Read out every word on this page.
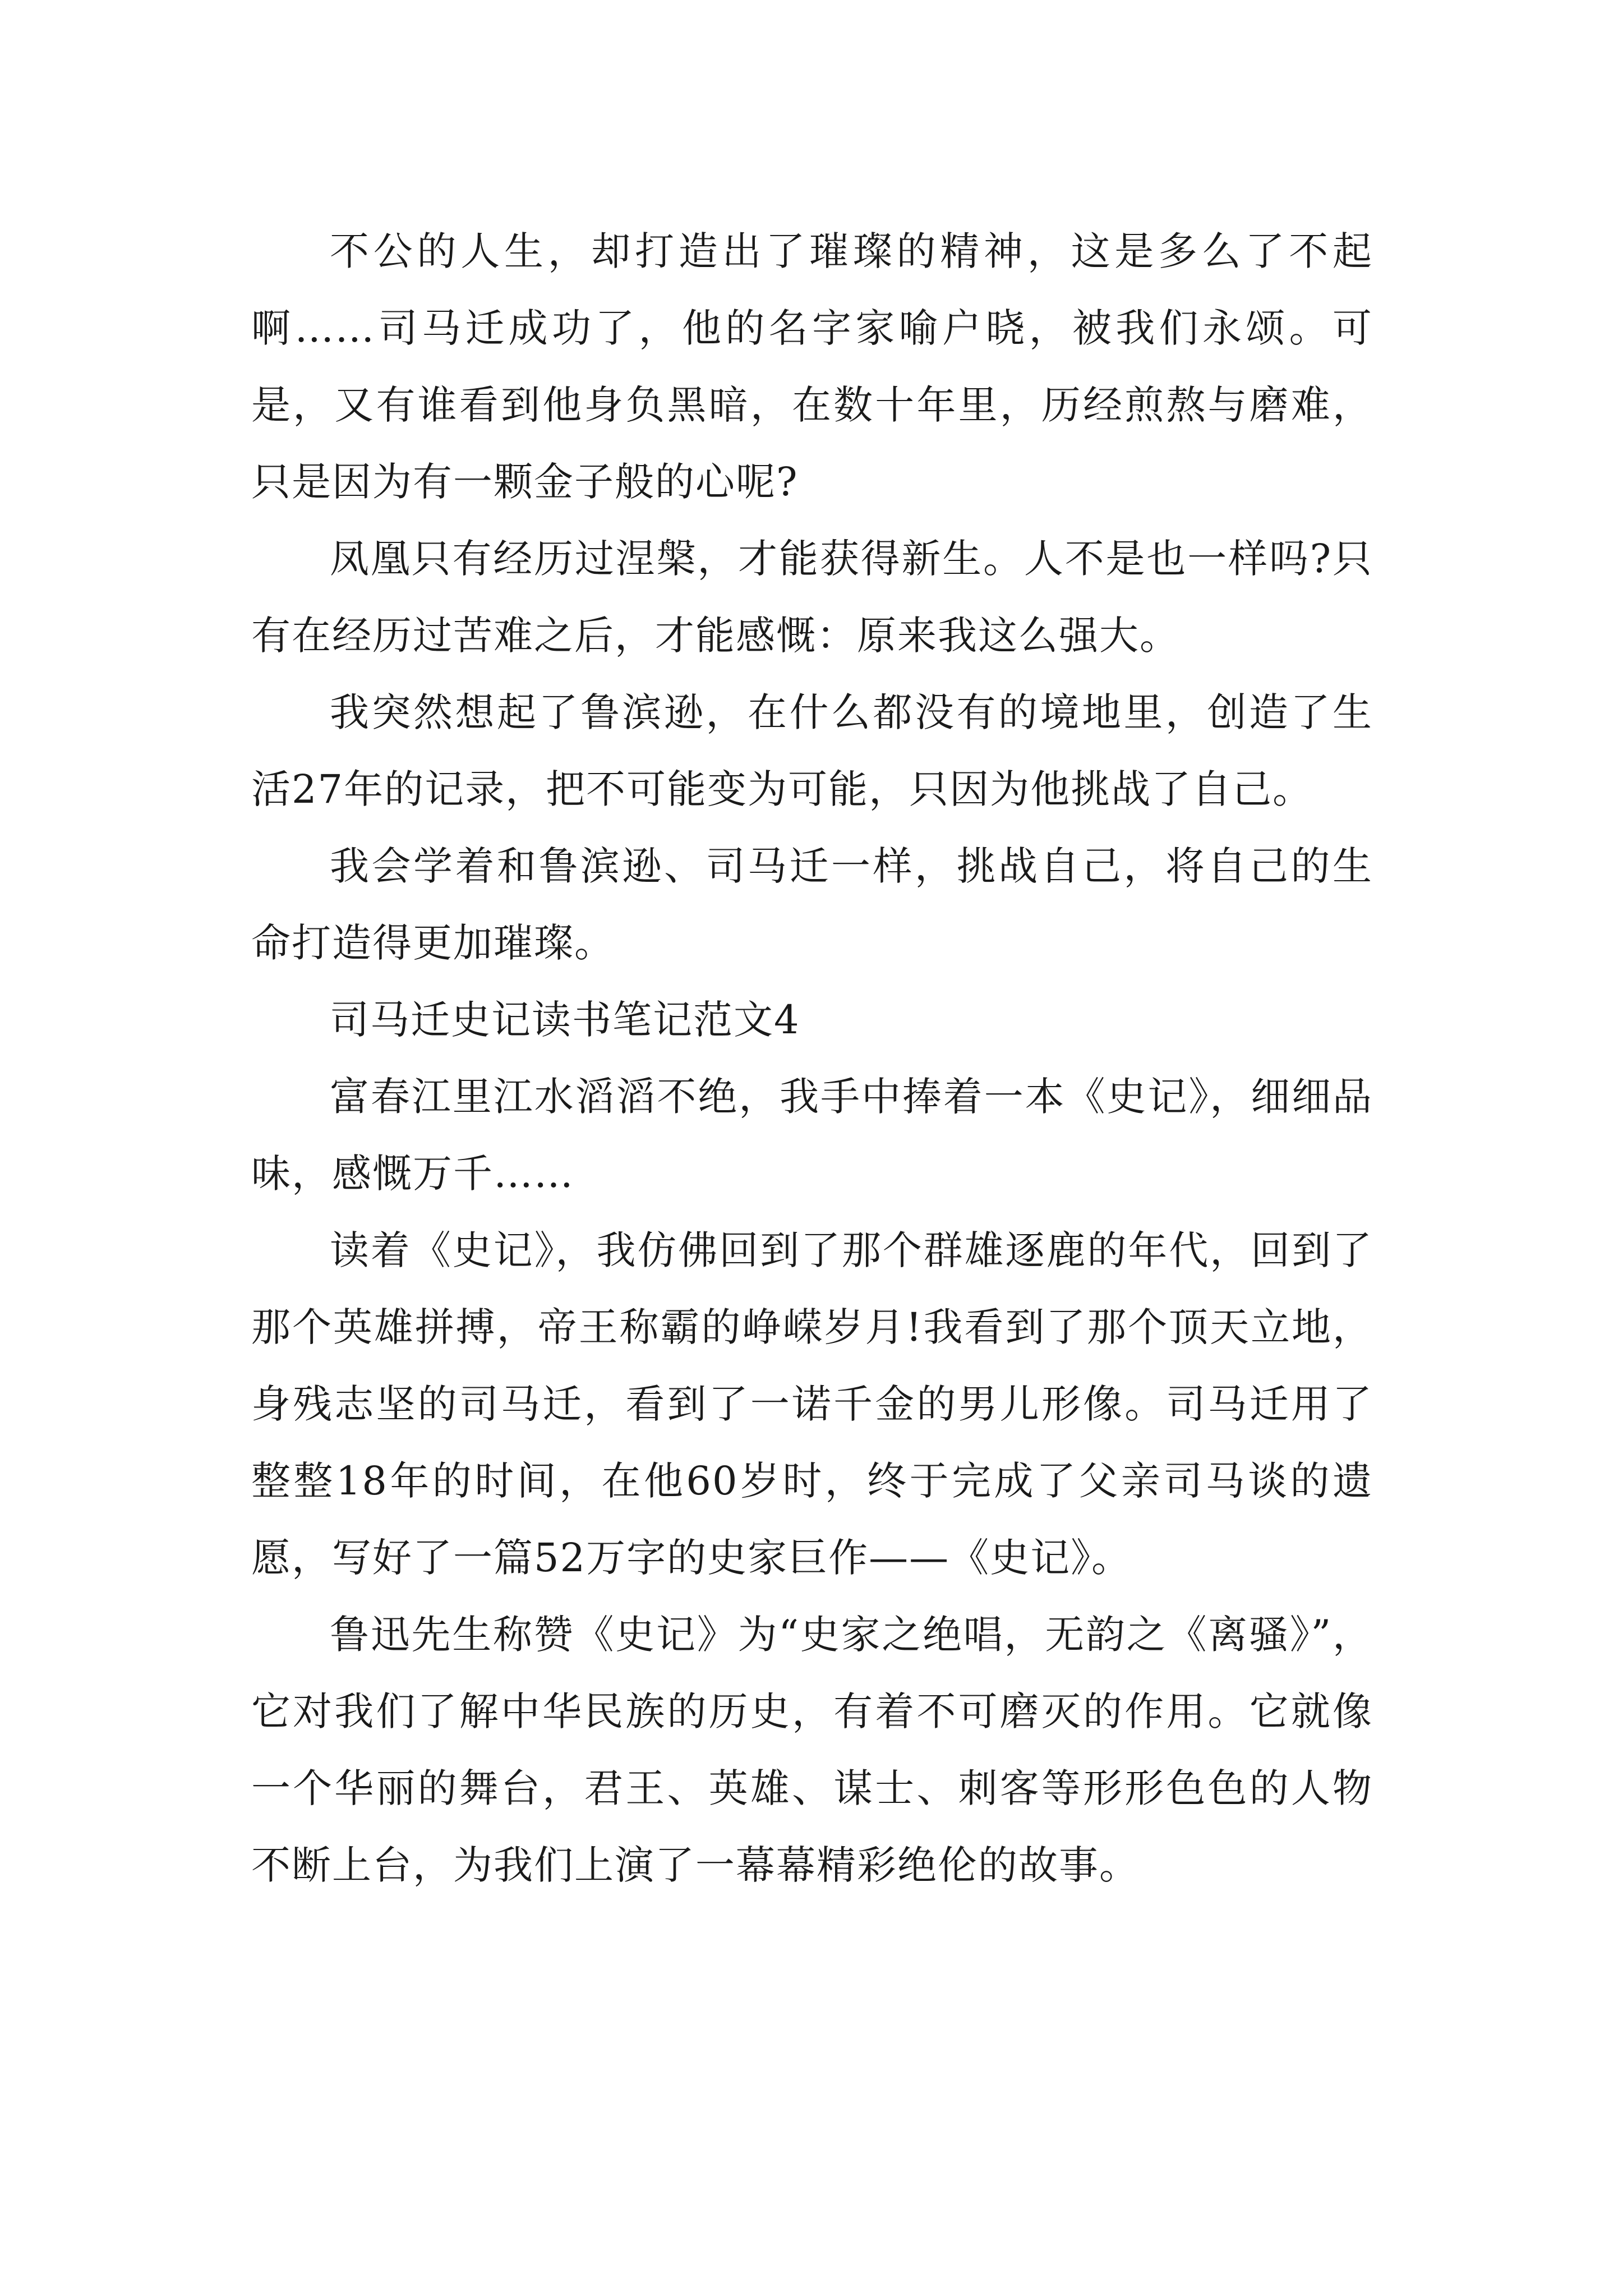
不公的人生，却打造出了璀璨的精神，这是多么了不起啊……司马迁成功了，他的名字家喻户晓，被我们永颂。可是，又有谁看到他身负黑暗，在数十年里，历经煎熬与磨难，只是因为有一颗金子般的心呢?

凤凰只有经历过涅槃，才能获得新生。人不是也一样吗?只有在经历过苦难之后，才能感慨：原来我这么强大。

我突然想起了鲁滨逊，在什么都没有的境地里，创造了生活27年的记录，把不可能变为可能，只因为他挑战了自己。

我会学着和鲁滨逊、司马迁一样，挑战自己，将自己的生命打造得更加璀璨。

司马迁史记读书笔记范文4

富春江里江水滔滔不绝，我手中捧着一本《史记》，细细品味，感慨万千……

读着《史记》，我仿佛回到了那个群雄逐鹿的年代，回到了那个英雄拼搏，帝王称霸的峥嵘岁月!我看到了那个顶天立地，身残志坚的司马迁，看到了一诺千金的男儿形像。司马迁用了整整18年的时间，在他60岁时，终于完成了父亲司马谈的遗愿，写好了一篇52万字的史家巨作——《史记》。

鲁迅先生称赞《史记》为“史家之绝唱，无韵之《离骚》”，它对我们了解中华民族的历史，有着不可磨灭的作用。它就像一个华丽的舞台，君王、英雄、谋士、刺客等形形色色的人物不断上台，为我们上演了一幕幕精彩绝伦的故事。
